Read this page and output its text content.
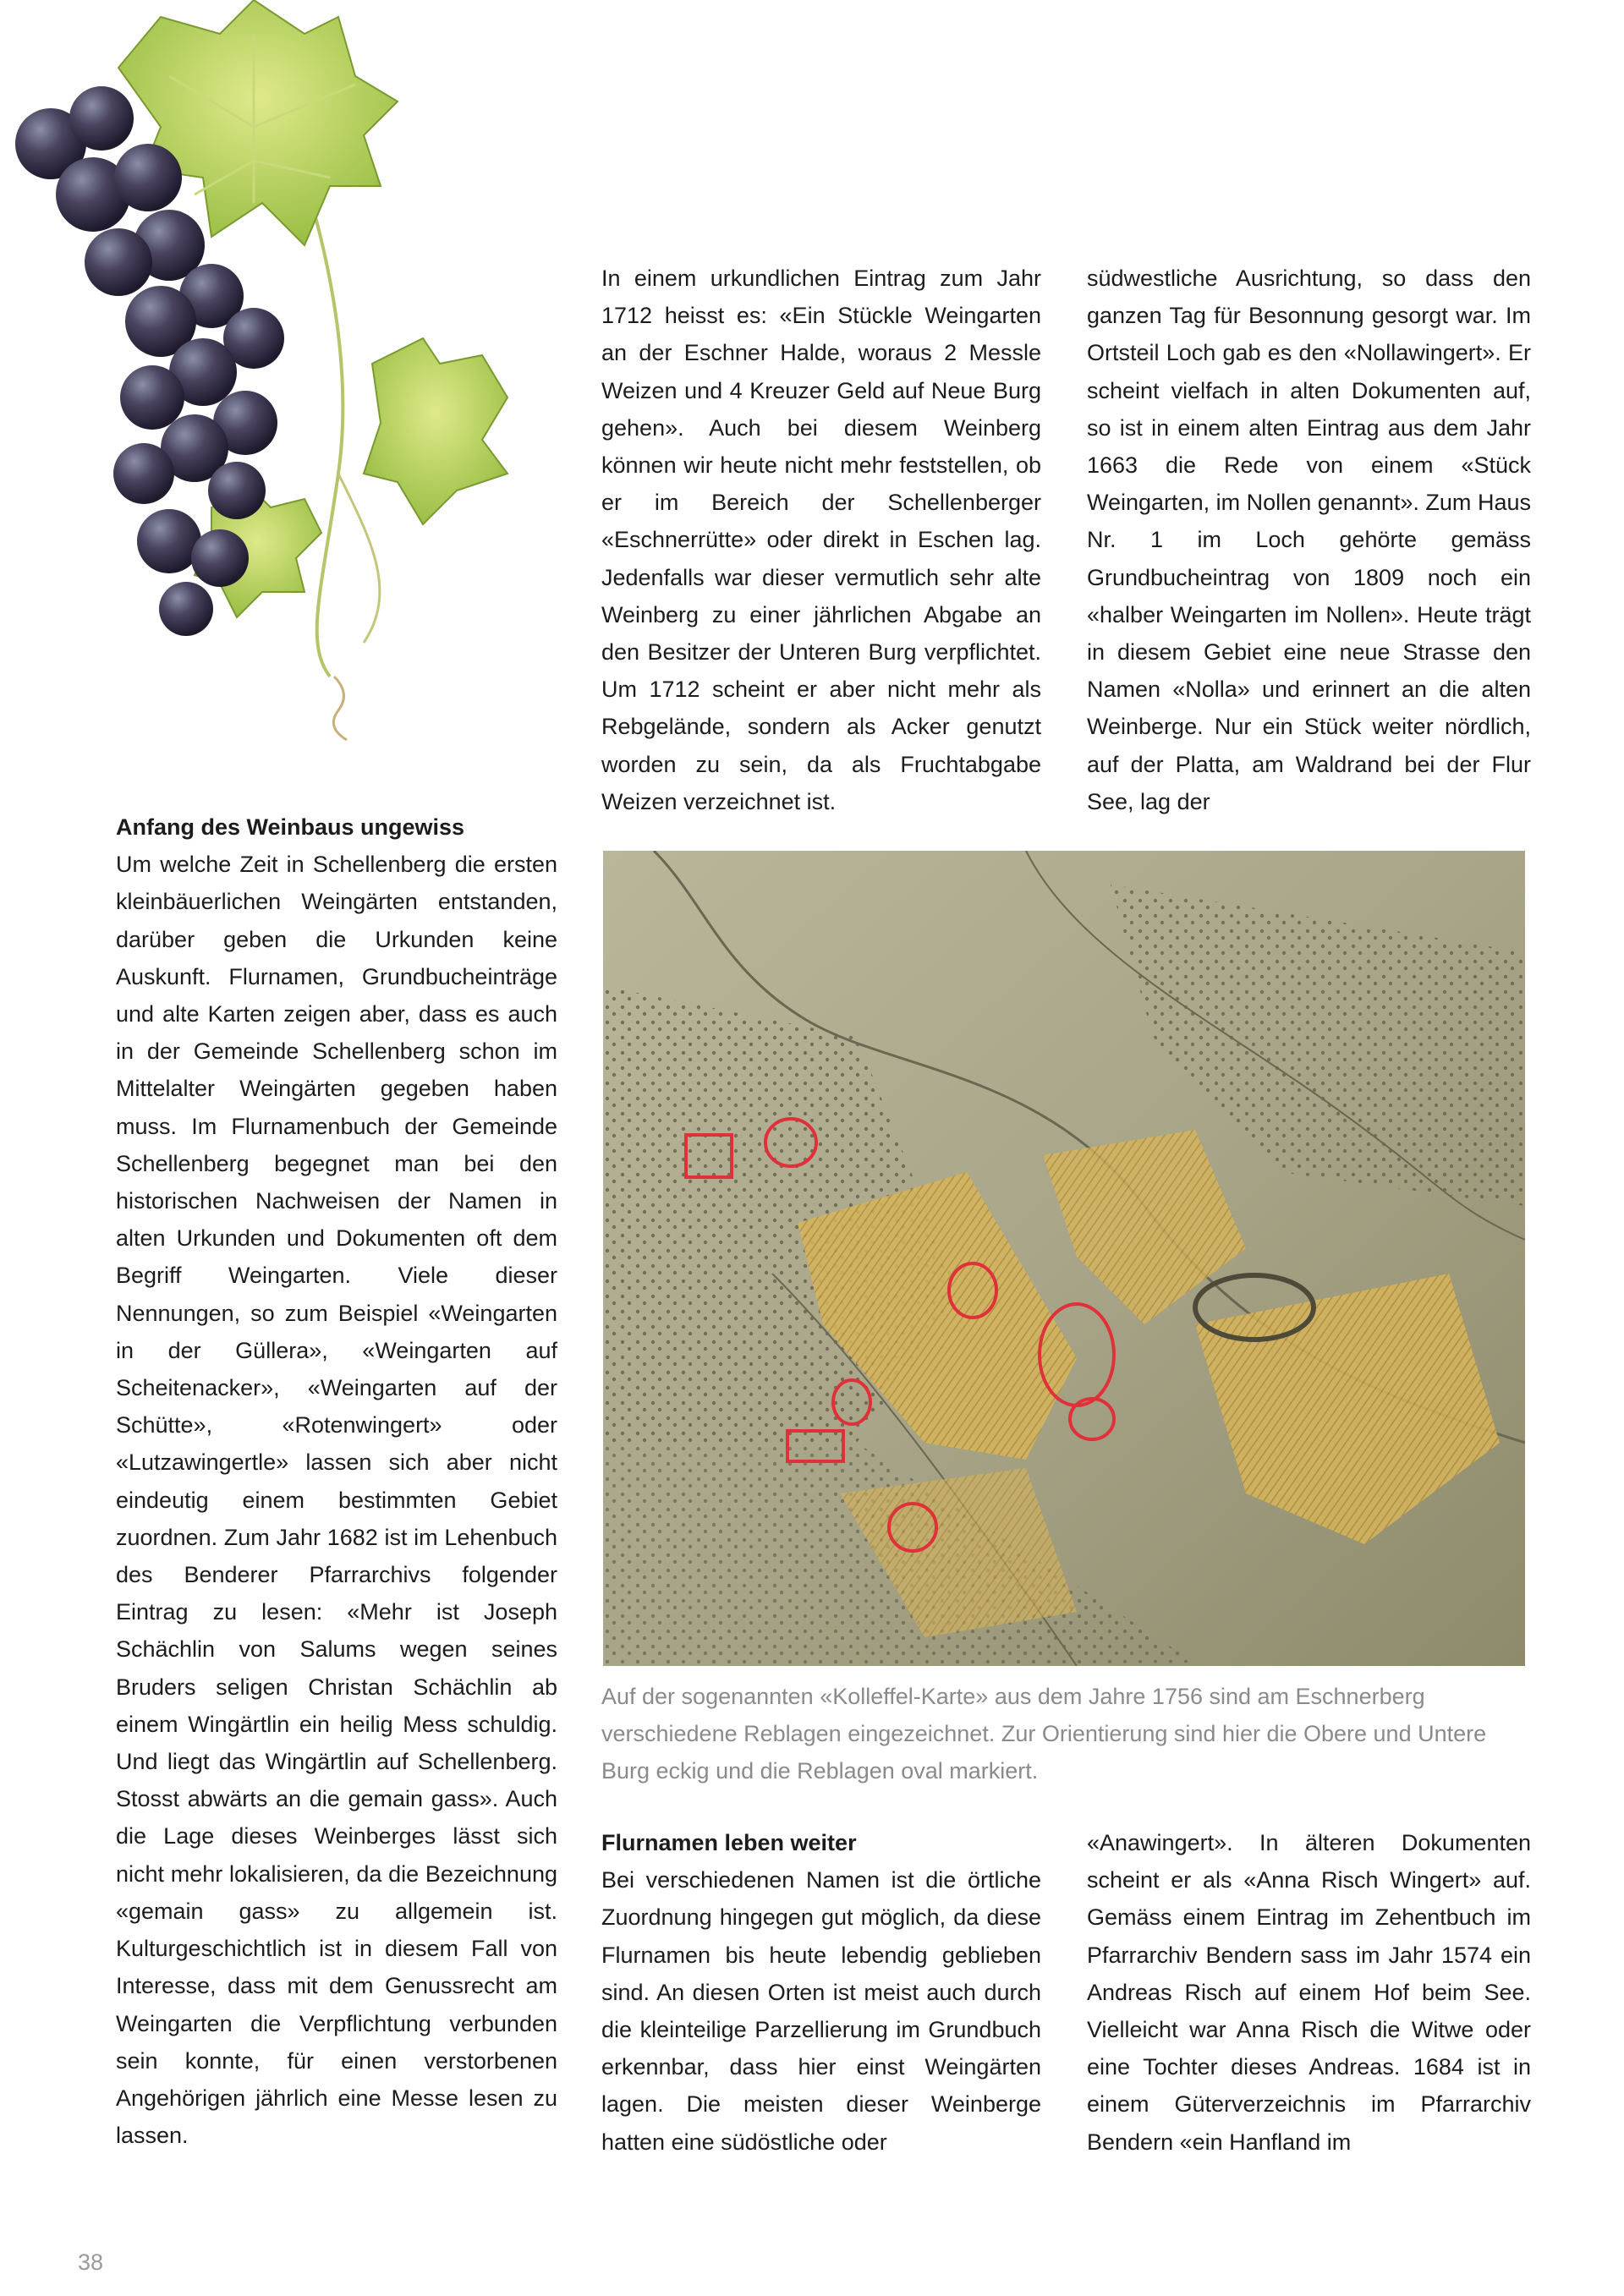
Anfang des Weinbaus ungewiss

Um welche Zeit in Schellenberg die ersten kleinbäuerlichen Weingärten entstanden, darüber geben die Urkunden keine Auskunft. Flurnamen, Grundbucheinträge und alte Karten zeigen aber, dass es auch in der Gemeinde Schellenberg schon im Mittelalter Weingärten gegeben haben muss. Im Flurnamenbuch der Gemeinde Schellenberg begegnet man bei den historischen Nachweisen der Namen in alten Urkunden und Dokumenten oft dem Begriff Weingarten. Viele dieser Nennungen, so zum Beispiel «Weingarten in der Güllera», «Weingarten auf Scheitenacker», «Weingarten auf der Schütte», «Rotenwingert» oder «Lutzawingertle» lassen sich aber nicht eindeutig einem bestimmten Gebiet zuordnen. Zum Jahr 1682 ist im Lehenbuch des Benderer Pfarrarchivs folgender Eintrag zu lesen: «Mehr ist Joseph Schächlin von Salums wegen seines Bruders seligen Christan Schächlin ab einem Wingärtlin ein heilig Mess schuldig. Und liegt das Wingärtlin auf Schellenberg. Stosst abwärts an die gemain gass». Auch die Lage dieses Weinberges lässt sich nicht mehr lokalisieren, da die Bezeichnung «gemain gass» zu allgemein ist. Kulturgeschichtlich ist in diesem Fall von Interesse, dass mit dem Genussrecht am Weingarten die Verpflichtung verbunden sein konnte, für einen verstorbenen Angehörigen jährlich eine Messe lesen zu lassen.

In einem urkundlichen Eintrag zum Jahr 1712 heisst es: «Ein Stückle Weingarten an der Eschner Halde, woraus 2 Messle Weizen und 4 Kreuzer Geld auf Neue Burg gehen». Auch bei diesem Weinberg können wir heute nicht mehr feststellen, ob er im Bereich der Schellenberger «Eschnerrütte» oder direkt in Eschen lag. Jedenfalls war dieser vermutlich sehr alte Weinberg zu einer jährlichen Abgabe an den Besitzer der Unteren Burg verpflichtet. Um 1712 scheint er aber nicht mehr als Rebgelände, sondern als Acker genutzt worden zu sein, da als Fruchtabgabe Weizen verzeichnet ist.

südwestliche Ausrichtung, so dass den ganzen Tag für Besonnung gesorgt war. Im Ortsteil Loch gab es den «Nollawingert». Er scheint vielfach in alten Dokumenten auf, so ist in einem alten Eintrag aus dem Jahr 1663 die Rede von einem «Stück Weingarten, im Nollen genannt». Zum Haus Nr. 1 im Loch gehörte gemäss Grundbucheintrag von 1809 noch ein «halber Weingarten im Nollen». Heute trägt in diesem Gebiet eine neue Strasse den Namen «Nolla» und erinnert an die alten Weinberge. Nur ein Stück weiter nördlich, auf der Platta, am Waldrand bei der Flur See, lag der

Auf der sogenannten «Kolleffel-Karte» aus dem Jahre 1756 sind am Eschnerberg verschiedene Reblagen eingezeichnet. Zur Orientierung sind hier die Obere und Untere Burg eckig und die Reblagen oval markiert.
Flurnamen leben weiter

Bei verschiedenen Namen ist die örtliche Zuordnung hingegen gut möglich, da diese Flurnamen bis heute lebendig geblieben sind. An diesen Orten ist meist auch durch die kleinteilige Parzellierung im Grundbuch erkennbar, dass hier einst Weingärten lagen. Die meisten dieser Weinberge hatten eine südöstliche oder

«Anawingert». In älteren Dokumenten scheint er als «Anna Risch Wingert» auf. Gemäss einem Eintrag im Zehentbuch im Pfarrarchiv Bendern sass im Jahr 1574 ein Andreas Risch auf einem Hof beim See. Vielleicht war Anna Risch die Witwe oder eine Tochter dieses Andreas. 1684 ist in einem Güterverzeichnis im Pfarrarchiv Bendern «ein Hanfland im

38
